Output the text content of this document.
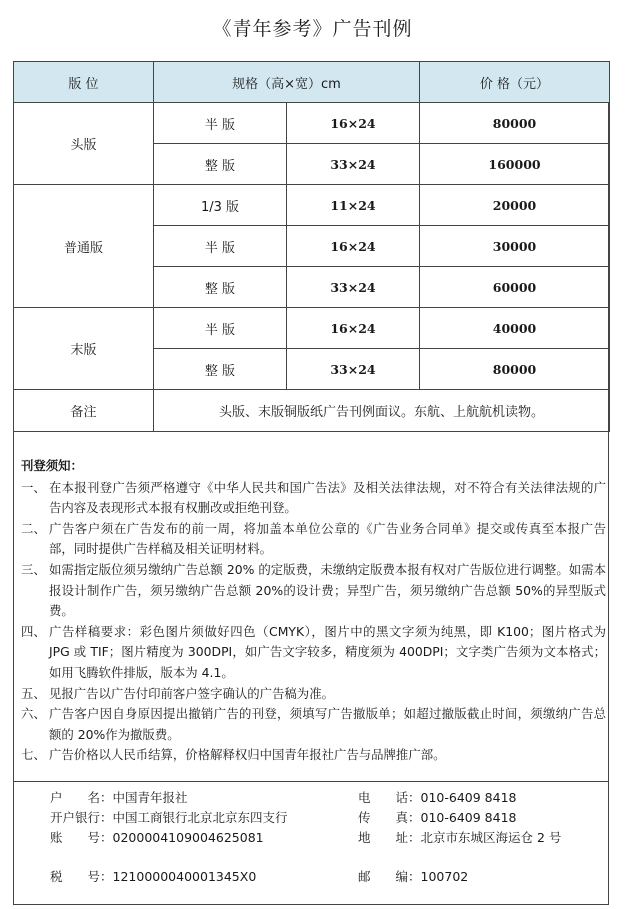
《青年参考》广告刊例
版 位	规格（高×宽）cm		价 格（元）
头版	半 版	16×24	80000
	整 版	33×24	160000
普通版	1/3 版	11×24	20000
	半 版	16×24	30000
	整 版	33×24	60000
末版	半 版	16×24	40000
	整 版	33×24	80000
备注	头版、末版铜版纸广告刊例面议。东航、上航航机读物。		
刊登须知：
一、 在本报刊登广告须严格遵守《中华人民共和国广告法》及相关法律法规，对不符合有关法律法规的广告内容及表现形式本报有权删改或拒绝刊登。
二、 广告客户须在广告发布的前一周，将加盖本单位公章的《广告业务合同单》提交或传真至本报广告部，同时提供广告样稿及相关证明材料。
三、 如需指定版位须另缴纳广告总额 20% 的定版费，未缴纳定版费本报有权对广告版位进行调整。如需本报设计制作广告，须另缴纳广告总额 20%的设计费；异型广告，须另缴纳广告总额 50%的异型版式费。
四、 广告样稿要求：彩色图片须做好四色（CMYK），图片中的黑文字须为纯黑，即 K100；图片格式为 JPG 或 TIF；图片精度为 300DPI，如广告文字较多，精度须为 400DPI；文字类广告须为文本格式；如用飞腾软件排版，版本为 4.1。
五、 见报广告以广告付印前客户签字确认的广告稿为准。
六、 广告客户因自身原因提出撤销广告的刊登，须填写广告撤版单；如超过撤版截止时间，须缴纳广告总额的 20%作为撤版费。
七、 广告价格以人民币结算，价格解释权归中国青年报社广告与品牌推广部。
户　　名：中国青年报社
开户银行：中国工商银行北京北京东四支行
账　　号：0200004109004625081
税　　号：121000004000134​5X0
电　　话：010-6409 8418
传　　真：010-6409 8418
地　　址：北京市东城区海运仓 2 号
邮　　编：100702
